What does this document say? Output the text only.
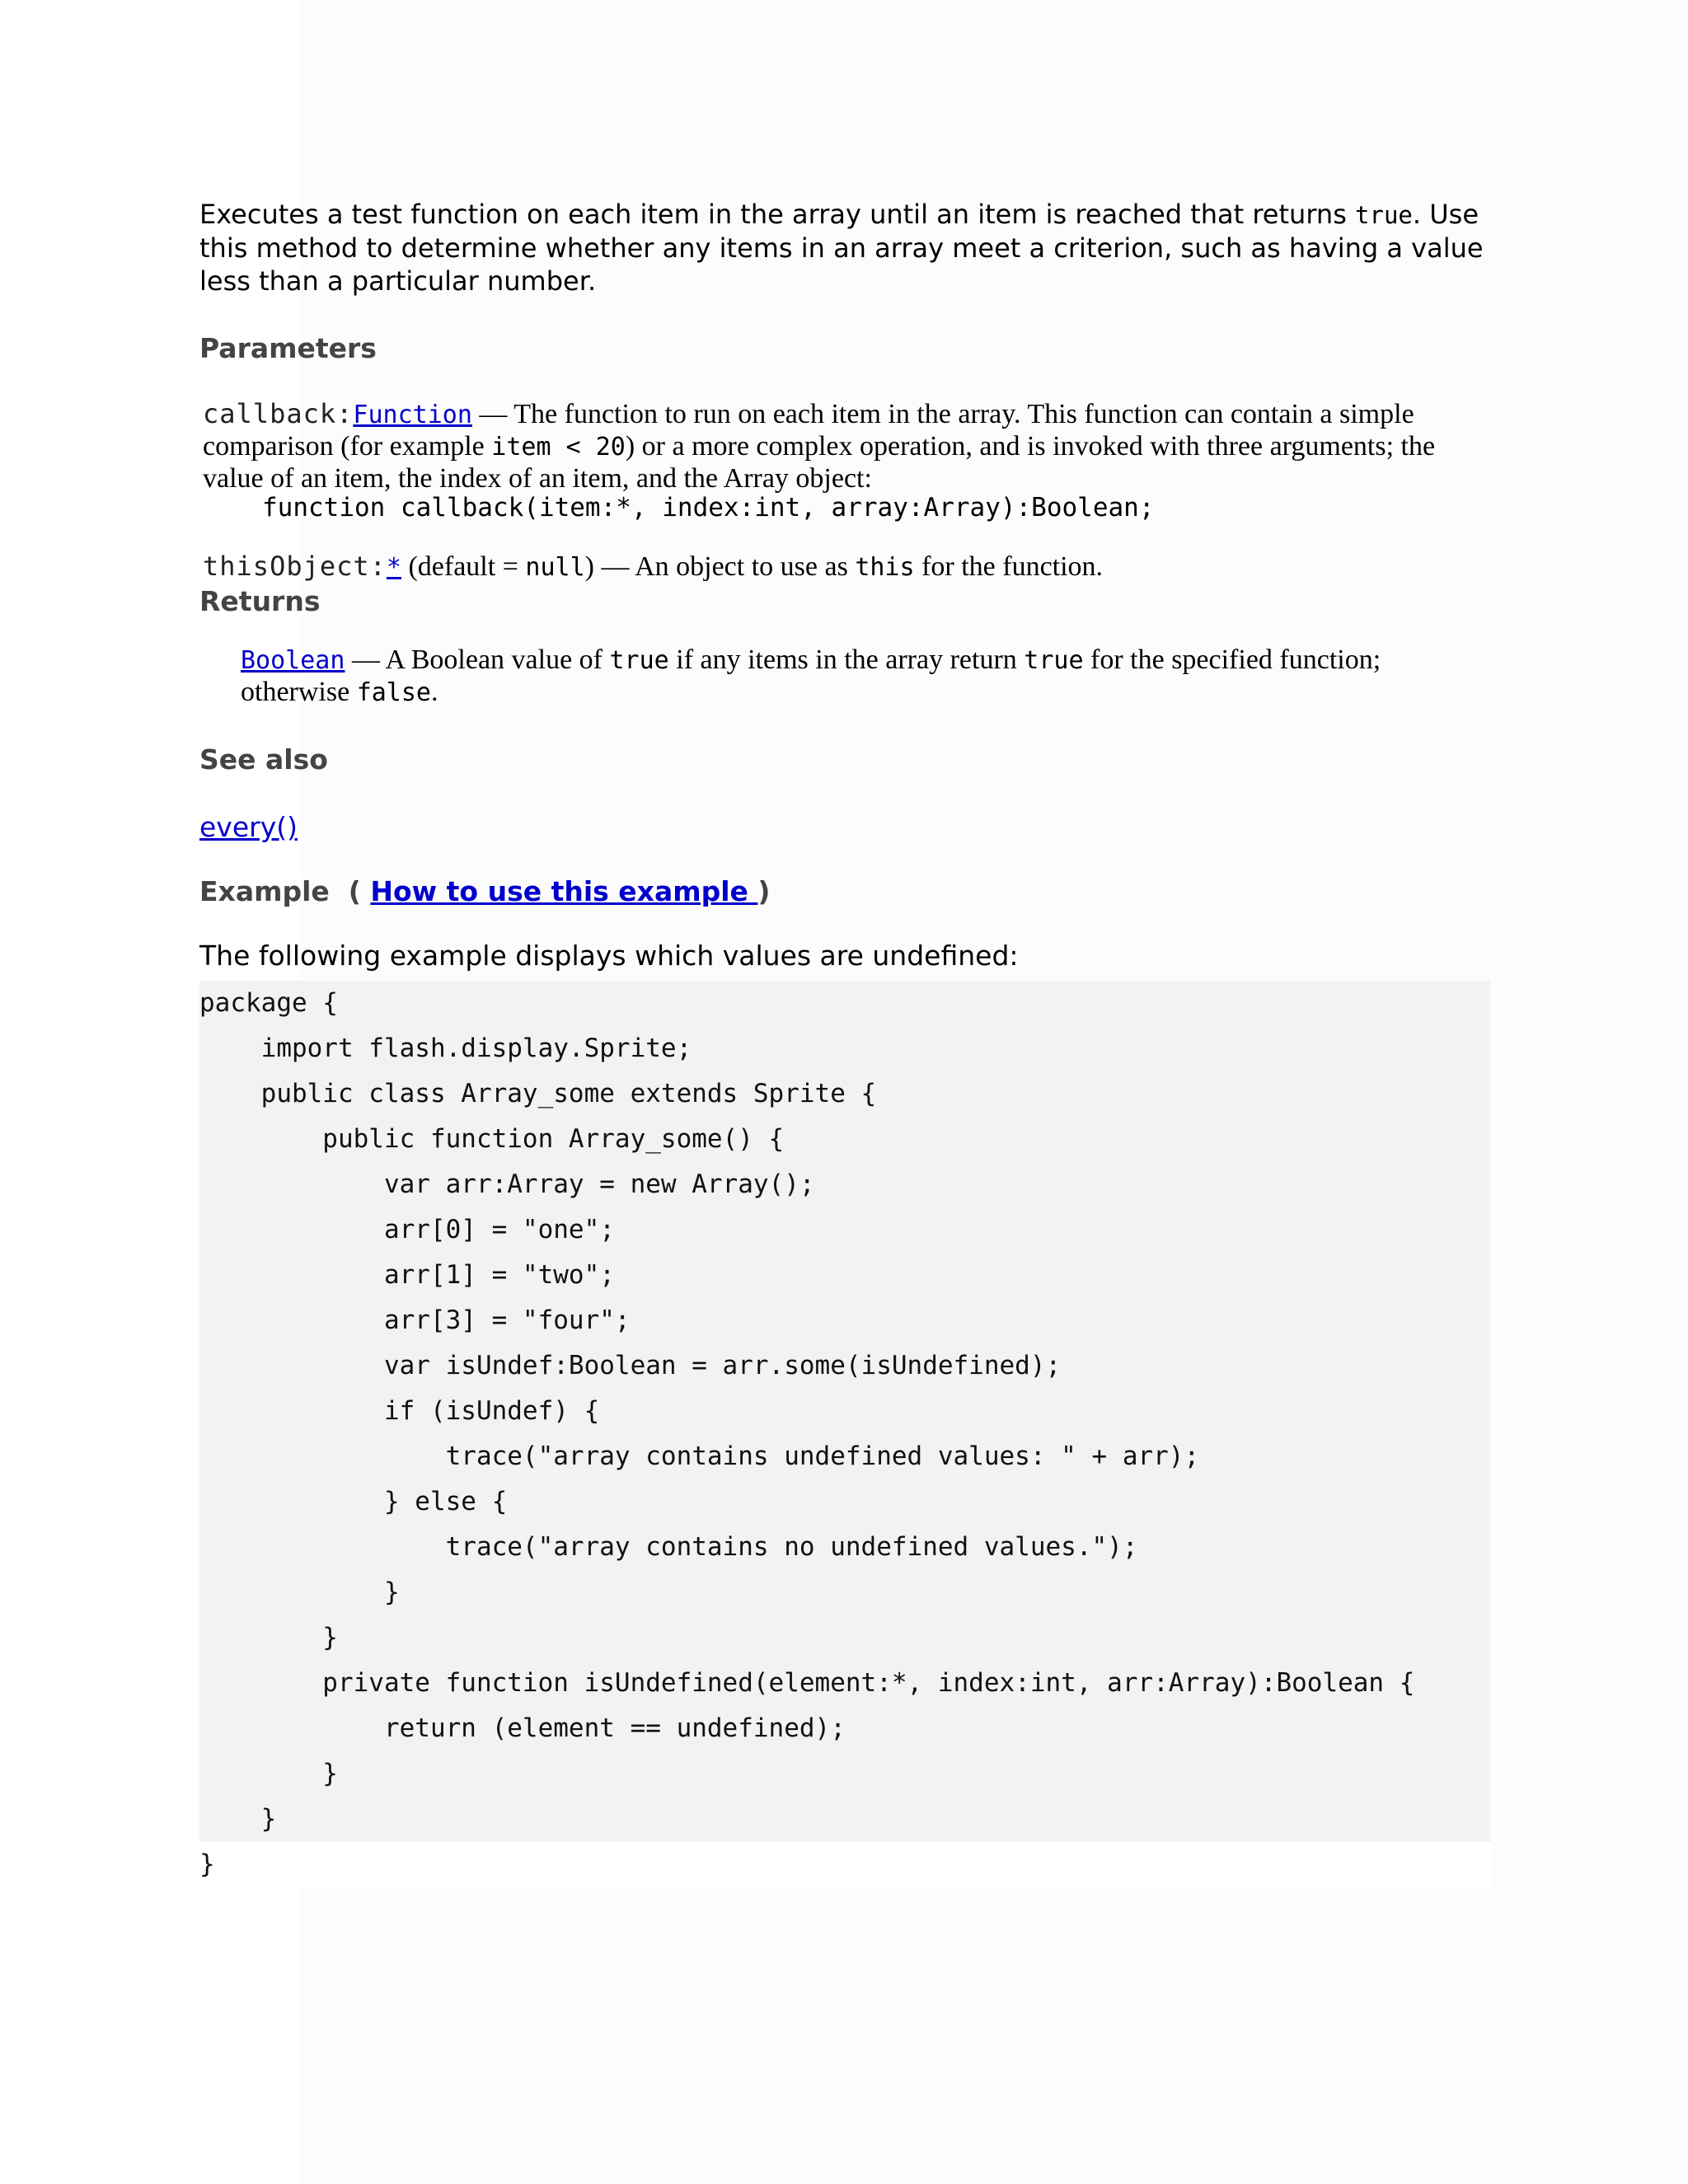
Executes a test function on each item in the array until an item is reached that returns true. Use this method to determine whether any items in an array meet a criterion, such as having a value less than a particular number.

Parameters
callback:Function — The function to run on each item in the array. This function can contain a simple comparison (for example item < 20) or a more complex operation, and is invoked with three arguments; the value of an item, the index of an item, and the Array object:
function callback(item:*, index:int, array:Array):Boolean;
thisObject:* (default = null) — An object to use as this for the function.
Returns
Boolean — A Boolean value of true if any items in the array return true for the specified function; otherwise false.
See also
every()
Example ( How to use this example )
The following example displays which values are undefined:
package {
import flash.display.Sprite;
public class Array_some extends Sprite {
public function Array_some() {
var arr:Array = new Array();
arr[0] = "one";
arr[1] = "two";
arr[3] = "four";
var isUndef:Boolean = arr.some(isUndefined);
if (isUndef) {
trace("array contains undefined values: " + arr);
} else {
trace("array contains no undefined values.");
}
}
private function isUndefined(element:*, index:int, arr:Array):Boolean {
return (element == undefined);
}
}
}
